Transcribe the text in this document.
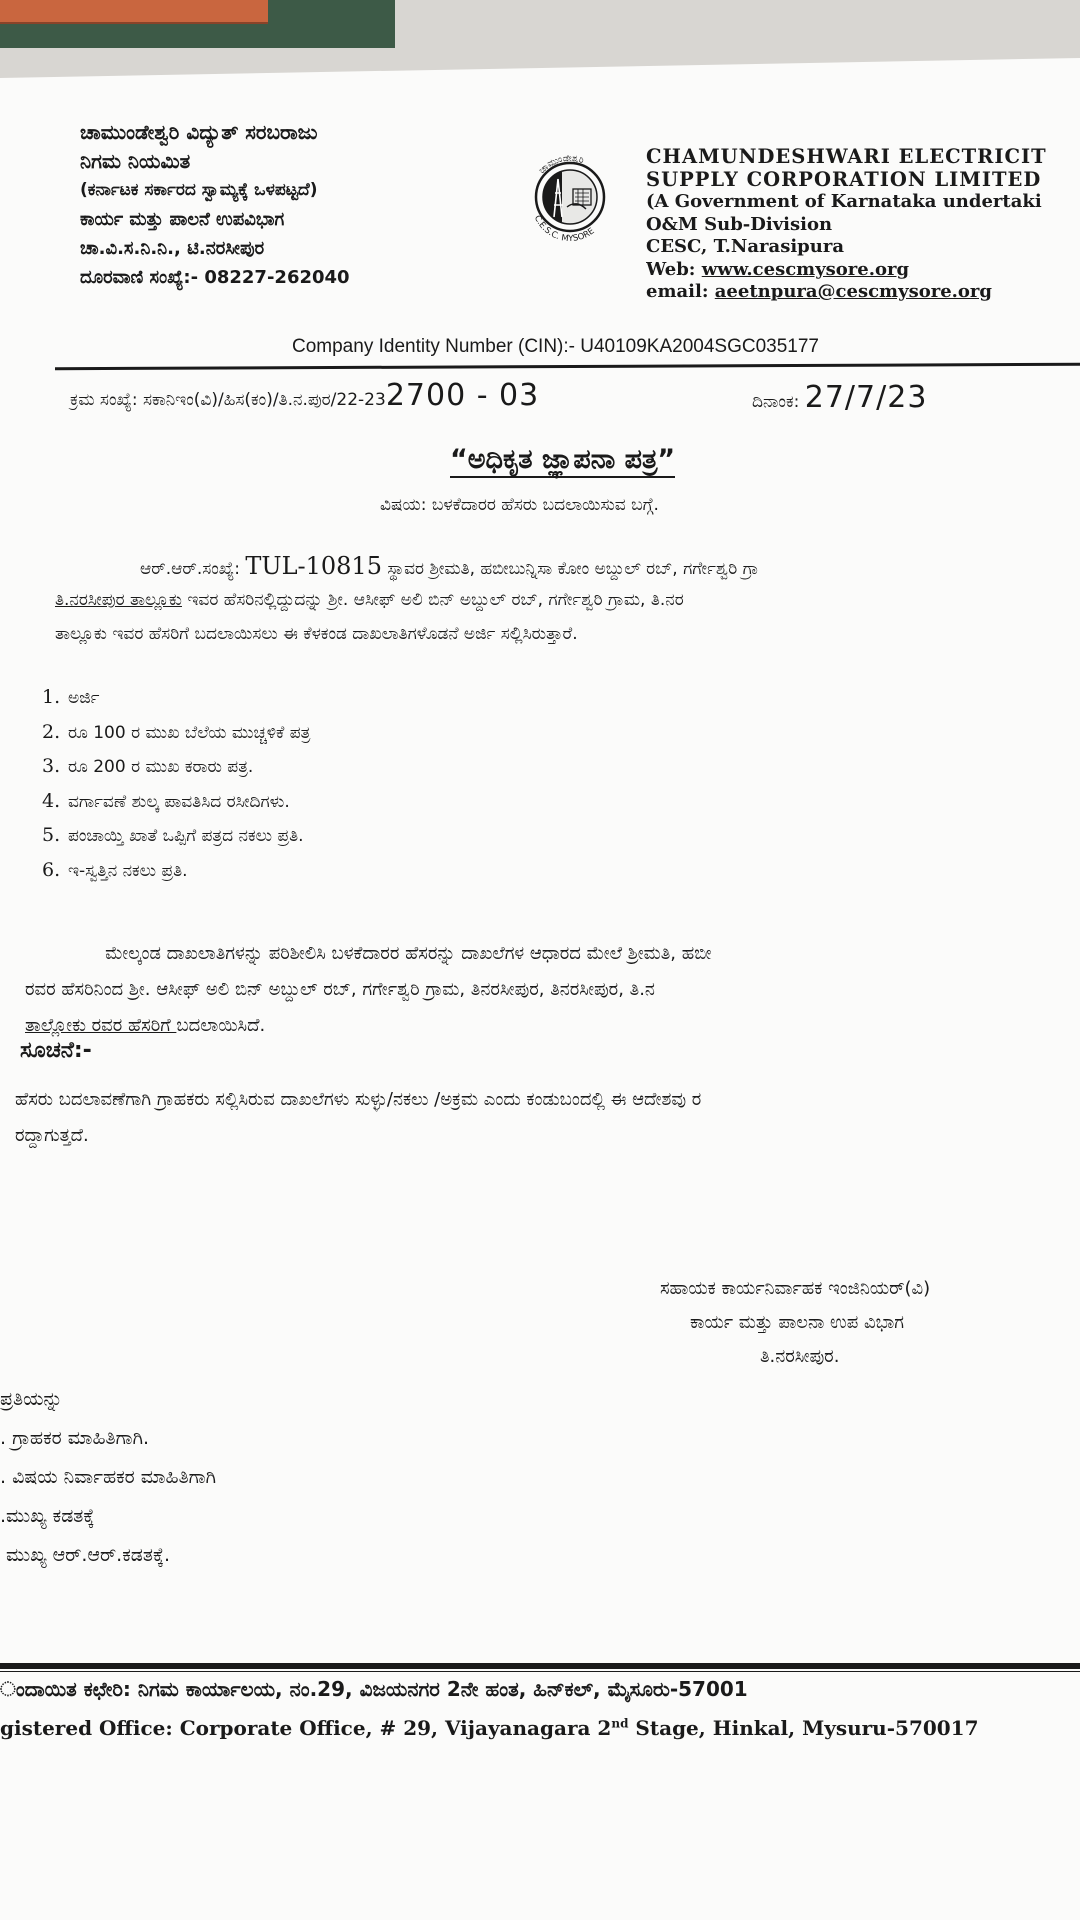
ಚಾಮುಂಡೇಶ್ವರಿ ವಿದ್ಯುತ್ ಸರಬರಾಜು
ನಿಗಮ ನಿಯಮಿತ
(ಕರ್ನಾಟಕ ಸರ್ಕಾರದ ಸ್ವಾಮ್ಯಕ್ಕೆ ಒಳಪಟ್ಟದೆ)
ಕಾರ್ಯ ಮತ್ತು ಪಾಲನೆ ಉಪವಿಭಾಗ
ಚಾ.ವಿ.ಸ.ನಿ.ನಿ., ಟಿ.ನರಸೀಪುರ
ದೂರವಾಣಿ ಸಂಖ್ಯೆ:- 08227-262040
ಚಾಮುಂಡೇಶ್ವರಿ
C.E.S.C. MYSORE
CHAMUNDESHWARI ELECTRICIT
SUPPLY CORPORATION LIMITED
(A Government of Karnataka undertaki
O&M Sub-Division
CESC, T.Narasipura
Web: www.cescmysore.org
email: aeetnpura@cescmysore.org
Company Identity Number (CIN):- U40109KA2004SGC035177
ಕ್ರಮ ಸಂಖ್ಯೆ: ಸಕಾನಿಇಂ(ವಿ)/ಹಿಸ(ಕಂ)/ತಿ.ನ.ಪುರ/22-232700 - 03	ದಿನಾಂಕ: 27/7/23
“ಅಧಿಕೃತ ಜ್ಞಾಪನಾ ಪತ್ರ”
ವಿಷಯ: ಬಳಕೆದಾರರ ಹೆಸರು ಬದಲಾಯಿಸುವ ಬಗ್ಗೆ.
ಆರ್.ಆರ್.ಸಂಖ್ಯೆ: TUL-10815 ಸ್ಥಾವರ ಶ್ರೀಮತಿ, ಹಬೀಬುನ್ನಿಸಾ ಕೋಂ ಅಬ್ದುಲ್ ರಬ್, ಗರ್ಗೇಶ್ವರಿ ಗ್ರಾ
ತಿ.ನರಸೀಪುರ ತಾಲ್ಲೂಕು ಇವರ ಹೆಸರಿನಲ್ಲಿದ್ದುದನ್ನು ಶ್ರೀ. ಆಸೀಫ್ ಅಲಿ ಬಿನ್ ಅಬ್ದುಲ್ ರಬ್, ಗರ್ಗೇಶ್ವರಿ ಗ್ರಾಮ, ತಿ.ನರ
ತಾಲ್ಲೂಕು ಇವರ ಹೆಸರಿಗೆ ಬದಲಾಯಿಸಲು ಈ ಕೆಳಕಂಡ ದಾಖಲಾತಿಗಳೊಡನೆ ಅರ್ಜಿ ಸಲ್ಲಿಸಿರುತ್ತಾರೆ.
1. ಅರ್ಜಿ
2. ರೂ 100 ರ ಮುಖ ಬೆಲೆಯ ಮುಚ್ಚಳಿಕೆ ಪತ್ರ
3. ರೂ 200 ರ ಮುಖ ಕರಾರು ಪತ್ರ.
4. ವರ್ಗಾವಣೆ ಶುಲ್ಕ ಪಾವತಿಸಿದ ರಸೀದಿಗಳು.
5. ಪಂಚಾಯ್ತಿ ಖಾತೆ ಒಪ್ಪಿಗೆ ಪತ್ರದ ನಕಲು ಪ್ರತಿ.
6. ಇ-ಸ್ವತ್ತಿನ ನಕಲು ಪ್ರತಿ.
ಮೇಲ್ಕಂಡ ದಾಖಲಾತಿಗಳನ್ನು ಪರಿಶೀಲಿಸಿ ಬಳಕೆದಾರರ ಹೆಸರನ್ನು ದಾಖಲೆಗಳ ಆಧಾರದ ಮೇಲೆ ಶ್ರೀಮತಿ, ಹಬೀ
ರವರ ಹೆಸರಿನಿಂದ ಶ್ರೀ. ಆಸೀಫ್ ಅಲಿ ಬಿನ್ ಅಬ್ದುಲ್ ರಬ್, ಗರ್ಗೇಶ್ವರಿ ಗ್ರಾಮ, ತಿನರಸೀಪುರ, ತಿನರಸೀಪುರ, ತಿ.ನ
ತಾಲ್ಲೋಕು ರವರ ಹೆಸರಿಗೆ ಬದಲಾಯಿಸಿದೆ.
ಸೂಚನೆ:-
ಹೆಸರು ಬದಲಾವಣೆಗಾಗಿ ಗ್ರಾಹಕರು ಸಲ್ಲಿಸಿರುವ ದಾಖಲೆಗಳು ಸುಳ್ಳು/ನಕಲು /ಅಕ್ರಮ ಎಂದು ಕಂಡುಬಂದಲ್ಲಿ ಈ ಆದೇಶವು ರ
ರದ್ದಾಗುತ್ತದೆ.
ಸಹಾಯಕ ಕಾರ್ಯನಿರ್ವಾಹಕ ಇಂಜಿನಿಯರ್(ವಿ)
ಕಾರ್ಯ ಮತ್ತು ಪಾಲನಾ ಉಪ ವಿಭಾಗ
ತಿ.ನರಸೀಪುರ.
ಪ್ರತಿಯನ್ನು
. ಗ್ರಾಹಕರ ಮಾಹಿತಿಗಾಗಿ.
. ವಿಷಯ ನಿರ್ವಾಹಕರ ಮಾಹಿತಿಗಾಗಿ
.ಮುಖ್ಯ ಕಡತಕ್ಕೆ
ಮುಖ್ಯ ಆರ್.ಆರ್.ಕಡತಕ್ಕೆ.
ಂದಾಯಿತ ಕಛೇರಿ: ನಿಗಮ ಕಾರ್ಯಾಲಯ, ನಂ.29, ವಿಜಯನಗರ 2ನೇ ಹಂತ, ಹಿನ್‌ಕಲ್, ಮೈಸೂರು-57001
gistered Office: Corporate Office, # 29, Vijayanagara 2nd Stage, Hinkal, Mysuru-570017
